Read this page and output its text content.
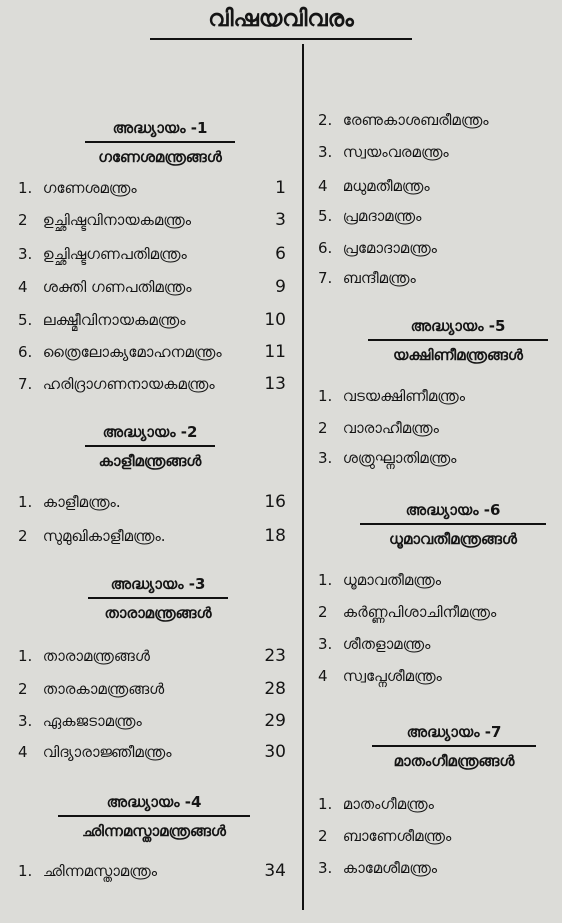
വിഷയവിവരം
അദ്ധ്യായം -1
ഗണേശമന്ത്രങ്ങൾ
1. ഗണേശമന്ത്രം	1
2 ഉച്ഛിഷ്ടവിനായകമന്ത്രം	3
3. ഉച്ഛിഷ്ടഗണപതിമന്ത്രം	6
4 ശക്തി ഗണപതിമന്ത്രം	9
5. ലക്ഷ്മീവിനായകമന്ത്രം	10
6. ത്രൈലോക്യമോഹനമന്ത്രം	11
7. ഹരിദ്രാഗണനായകമന്ത്രം	13
അദ്ധ്യായം -2
കാളീമന്ത്രങ്ങൾ
1. കാളീമന്ത്രം.	16
2 സുമുഖികാളീമന്ത്രം.	18
അദ്ധ്യായം -3
താരാമന്ത്രങ്ങൾ
1. താരാമന്ത്രങ്ങൾ	23
2 താരകാമന്ത്രങ്ങൾ	28
3. ഏകജടാമന്ത്രം	29
4 വിദ്യാരാജ്ഞീമന്ത്രം	30
അദ്ധ്യായം -4
ഛിന്നമസ്താമന്ത്രങ്ങൾ
1. ഛിന്നമസ്താമന്ത്രം	34
2. രേണുകാശബരീമന്ത്രം
3. സ്വയംവരമന്ത്രം
4 മധുമതീമന്ത്രം
5. പ്രമദാമന്ത്രം
6. പ്രമോദാമന്ത്രം
7. ബന്ദീമന്ത്രം
അദ്ധ്യായം -5
യക്ഷിണീമന്ത്രങ്ങൾ
1. വടയക്ഷിണീമന്ത്രം
2 വാരാഹീമന്ത്രം
3. ശത്രുഘ്നാതിമന്ത്രം
അദ്ധ്യായം -6
ധൂമാവതീമന്ത്രങ്ങൾ
1. ധൂമാവതീമന്ത്രം
2 കർണ്ണപിശാചിനീമന്ത്രം
3. ശീതളാമന്ത്രം
4 സ്വപ്നേശീമന്ത്രം
അദ്ധ്യായം -7
മാതംഗീമന്ത്രങ്ങൾ
1. മാതംഗീമന്ത്രം
2 ബാണേശീമന്ത്രം
3. കാമേശീമന്ത്രം
